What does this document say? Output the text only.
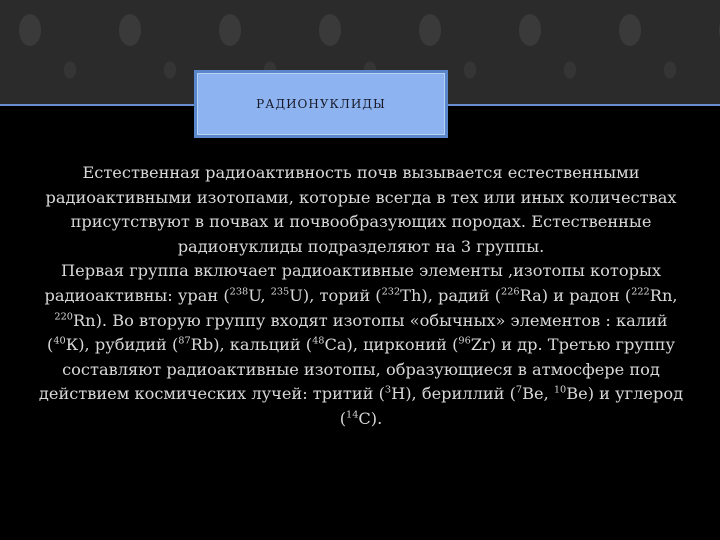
РАДИОНУКЛИДЫ

Естественная радиоактивность почв вызывается естественными радиоактивными изотопами, которые всегда в тех или иных количествах присутствуют в почвах и почвообразующих породах. Естественные радионуклиды подразделяют на 3 группы.

Первая группа включает радиоактивные элементы ,изотопы которых радиоактивны: уран ($^{238}$U, $^{235}$U), торий ($^{232}$Th), радий ($^{226}$Ra) и радон ($^{222}$Rn, $^{220}$Rn). Во вторую группу входят изотопы «обычных» элементов : калий ($^{40}$К), рубидий ($^{87}$Rb), кальций ($^{48}$Ca), цирконий ($^{96}$Zr) и др. Третью группу составляют радиоактивные изотопы, образующиеся в атмосфере под действием космических лучей: тритий ($^3$H), бериллий ($^7$Be, $^{10}$Be) и углерод ($^{14}$C).
